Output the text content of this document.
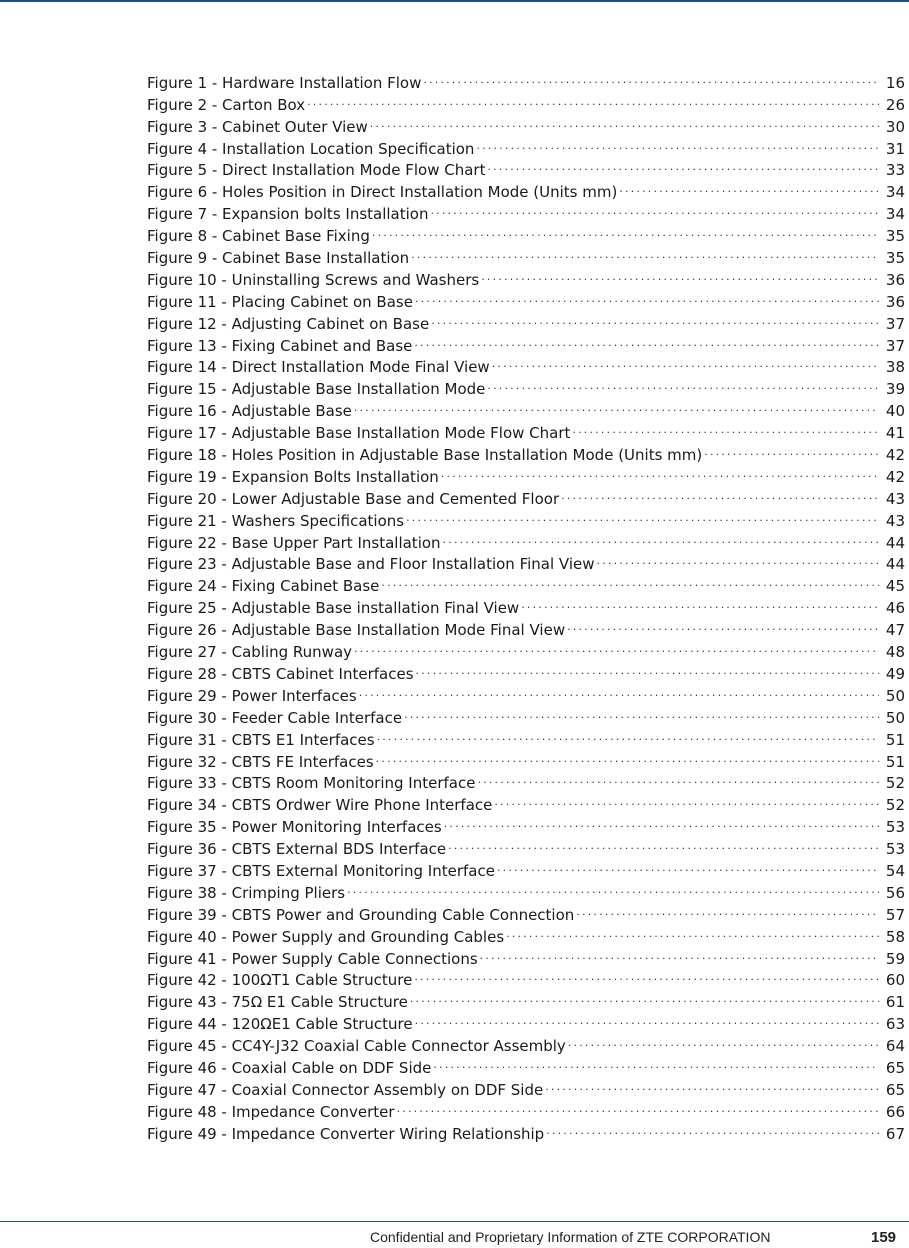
Figure 1 - Hardware Installation Flow .....	16
Figure 2 - Carton Box .....	26
Figure 3 - Cabinet Outer View .....	30
Figure 4 - Installation Location Specification .....	31
Figure 5 - Direct Installation Mode Flow Chart .....	33
Figure 6 - Holes Position in Direct Installation Mode (Units mm) .....	34
Figure 7 - Expansion bolts Installation .....	34
Figure 8 - Cabinet Base Fixing .....	35
Figure 9 - Cabinet Base Installation .....	35
Figure 10 - Uninstalling Screws and Washers .....	36
Figure 11 - Placing Cabinet on Base .....	36
Figure 12 - Adjusting Cabinet on Base .....	37
Figure 13 - Fixing Cabinet and Base .....	37
Figure 14 - Direct Installation Mode Final View .....	38
Figure 15 - Adjustable Base Installation Mode .....	39
Figure 16 - Adjustable Base .....	40
Figure 17 - Adjustable Base Installation Mode Flow Chart .....	41
Figure 18 - Holes Position in Adjustable Base Installation Mode (Units mm) .....	42
Figure 19 - Expansion Bolts Installation .....	42
Figure 20 - Lower Adjustable Base and Cemented Floor .....	43
Figure 21 - Washers Specifications .....	43
Figure 22 - Base Upper Part Installation .....	44
Figure 23 - Adjustable Base and Floor Installation Final View .....	44
Figure 24 - Fixing Cabinet Base .....	45
Figure 25 - Adjustable Base installation Final View .....	46
Figure 26 - Adjustable Base Installation Mode Final View .....	47
Figure 27 - Cabling Runway .....	48
Figure 28 - CBTS Cabinet Interfaces .....	49
Figure 29 - Power Interfaces .....	50
Figure 30 - Feeder Cable Interface .....	50
Figure 31 - CBTS E1 Interfaces .....	51
Figure 32 - CBTS FE Interfaces .....	51
Figure 33 - CBTS Room Monitoring Interface .....	52
Figure 34 - CBTS Ordwer Wire Phone Interface .....	52
Figure 35 - Power Monitoring Interfaces .....	53
Figure 36 - CBTS External BDS Interface .....	53
Figure 37 - CBTS External Monitoring Interface .....	54
Figure 38 - Crimping Pliers .....	56
Figure 39 - CBTS Power and Grounding Cable Connection .....	57
Figure 40 - Power Supply and Grounding Cables .....	58
Figure 41 - Power Supply Cable Connections .....	59
Figure 42 - 100ΩT1 Cable Structure .....	60
Figure 43 - 75Ω E1 Cable Structure .....	61
Figure 44 - 120ΩE1 Cable Structure .....	63
Figure 45 - CC4Y-J32 Coaxial Cable Connector Assembly .....	64
Figure 46 - Coaxial Cable on DDF Side .....	65
Figure 47 - Coaxial Connector Assembly on DDF Side .....	65
Figure 48 - Impedance Converter .....	66
Figure 49 - Impedance Converter Wiring Relationship .....	67
Confidential and Proprietary Information of ZTE CORPORATION	159
